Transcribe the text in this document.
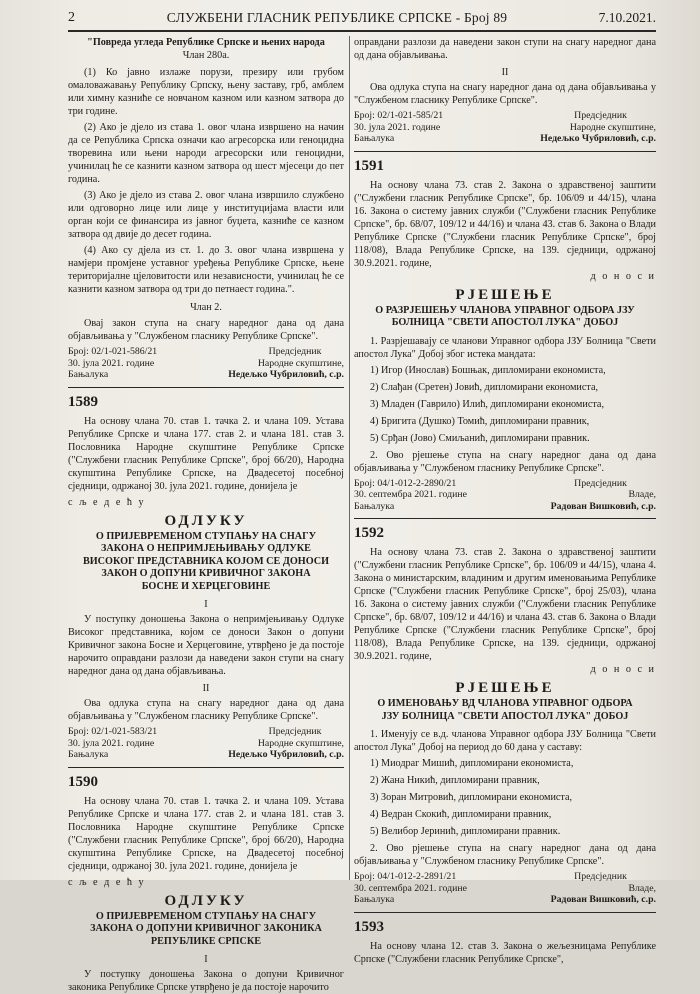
2	СЛУЖБЕНИ ГЛАСНИК РЕПУБЛИКЕ СРПСКЕ - Број 89	7.10.2021.
"Повреда угледа Републике Српске и њених народа
Члан 280а.

(1) Ко јавно излаже порузи, презиру или грубом омаловажавању Републику Српску, њену заставу, грб, амблем или химну казниће се новчаном казном или казном затвора до три године.

(2) Ако је дјело из става 1. овог члана извршено на начин да се Република Српска означи као агресорска или геноцидна творевина или њени народи агресорски или геноцидни, учинилац ће се казнити казном затвора од шест мјесеци до пет година.

(3) Ако је дјело из става 2. овог члана извршило службено или одговорно лице или лице у институцијама власти или орган који се финансира из јавног буџета, казниће се казном затвора од двије до десет година.

(4) Ако су дјела из ст. 1. до 3. овог члана извршена у намјери промјене уставног уређења Републике Српске, њене територијалне цјеловитости или независности, учинилац ће се казнити казном затвора од три до петнаест година.".

Члан 2.

Овај закон ступа на снагу наредног дана од дана објављивања у "Службеном гласнику Републике Српске".

Број: 02/1-021-586/21	Предсједник
30. јула 2021. године	Народне скупштине,
Бањалука	Недељко Чубриловић, с.р.
1589

На основу члана 70. став 1. тачка 2. и члана 109. Устава Републике Српске и члана 177. став 2. и члана 181. став 3. Пословника Народне скупштине Републике Српске ("Службени гласник Републике Српске", број 66/20), Народна скупштина Републике Српске, на Двадесетој посебној сједници, одржаној 30. јула 2021. године, донијела је

с љ е д е ћ у
ОДЛУКУ
О ПРИЈЕВРЕМЕНОМ СТУПАЊУ НА СНАГУ ЗАКОНА О НЕПРИМЈЕЊИВАЊУ ОДЛУКЕ ВИСОКОГ ПРЕДСТАВНИКА КОЈОМ СЕ ДОНОСИ ЗАКОН О ДОПУНИ КРИВИЧНОГ ЗАКОНА БОСНЕ И ХЕРЦЕГОВИНЕ
I

У поступку доношења Закона о непримјењивању Одлуке Високог представника, којом се доноси Закон о допуни Кривичног закона Босне и Херцеговине, утврђено је да постоје нарочито оправдани разлози да наведени закон ступи на снагу наредног дана од дана објављивања.

II

Ова одлука ступа на снагу наредног дана од дана објављивања у "Службеном гласнику Републике Српске".

Број: 02/1-021-583/21	Предсједник
30. јула 2021. године	Народне скупштине,
Бањалука	Недељко Чубриловић, с.р.
1590

На основу члана 70. став 1. тачка 2. и члана 109. Устава Републике Српске и члана 177. став 2. и члана 181. став 3. Пословника Народне скупштине Републике Српске ("Службени гласник Републике Српске", број 66/20), Народна скупштина Републике Српске, на Двадесетој посебној сједници, одржаној 30. јула 2021. године, донијела је

с љ е д е ћ у
ОДЛУКУ
О ПРИЈЕВРЕМЕНОМ СТУПАЊУ НА СНАГУ ЗАКОНА О ДОПУНИ КРИВИЧНОГ ЗАКОНИКА РЕПУБЛИКЕ СРПСКЕ
I

У поступку доношења Закона о допуни Кривичног законика Републике Српске утврђено је да постоје нарочито

оправдани разлози да наведени закон ступи на снагу наредног дана од дана објављивања.

II

Ова одлука ступа на снагу наредног дана од дана објављивања у "Службеном гласнику Републике Српске".

Број: 02/1-021-585/21	Предсједник
30. јула 2021. године	Народне скупштине,
Бањалука	Недељко Чубриловић, с.р.
1591

На основу члана 73. став 2. Закона о здравственој заштити ("Службени гласник Републике Српске", бр. 106/09 и 44/15), члана 16. Закона о систему јавних служби ("Службени гласник Републике Српске", бр. 68/07, 109/12 и 44/16) и члана 43. став 6. Закона о Влади Републике Српске ("Службени гласник Републике Српске", број 118/08), Влада Републике Српске, на 139. сједници, одржаној 30.9.2021. године,

д о н о с и
РЈЕШЕЊЕ
О РАЗРЈЕШЕЊУ ЧЛАНОВА УПРАВНОГ ОДБОРА ЈЗУ БОЛНИЦА "СВЕТИ АПОСТОЛ ЛУКА" ДОБОЈ

1. Разрјешавају се чланови Управног одбора ЈЗУ Болница "Свети апостол Лука" Добој због истека мандата:

1) Игор (Инослав) Бошњак, дипломирани економиста,
2) Слађан (Сретен) Јовић, дипломирани економиста,
3) Младен (Гаврило) Илић, дипломирани економиста,
4) Бригита (Душко) Томић, дипломирани правник,
5) Срђан (Јово) Смиљанић, дипломирани правник.

2. Ово рјешење ступа на снагу наредног дана од дана објављивања у "Службеном гласнику Републике Српске".

Број: 04/1-012-2-2890/21	Предсједник
30. септембра 2021. године	Владе,
Бањалука	Радован Вишковић, с.р.
1592

На основу члана 73. став 2. Закона о здравственој заштити ("Службени гласник Републике Српске", бр. 106/09 и 44/15), члана 4. Закона о министарским, владиним и другим именовањима Републике Српске ("Службени гласник Републике Српске", број 25/03), члана 16. Закона о систему јавних служби ("Службени гласник Републике Српске", бр. 68/07, 109/12 и 44/16) и члана 43. став 6. Закона о Влади Републике Српске ("Службени гласник Републике Српске", број 118/08), Влада Републике Српске, на 139. сједници, одржаној 30.9.2021. године,

д о н о с и
РЈЕШЕЊЕ
О ИМЕНОВАЊУ ВД ЧЛАНОВА УПРАВНОГ ОДБОРА ЈЗУ БОЛНИЦА "СВЕТИ АПОСТОЛ ЛУКА" ДОБОЈ

1. Именују се в.д. чланова Управног одбора ЈЗУ Болница "Свети апостол Лука" Добој на период до 60 дана у саставу:

1) Миодраг Мишић, дипломирани економиста,
2) Жана Никић, дипломирани правник,
3) Зоран Митровић, дипломирани економиста,
4) Ведран Скокић, дипломирани правник,
5) Велибор Јеринић, дипломирани правник.

2. Ово рјешење ступа на снагу наредног дана од дана објављивања у "Службеном гласнику Републике Српске".

Број: 04/1-012-2-2891/21	Предсједник
30. септембра 2021. године	Владе,
Бањалука	Радован Вишковић, с.р.
1593

На основу члана 12. став 3. Закона о жељезницама Републике Српске ("Службени гласник Републике Српске",
